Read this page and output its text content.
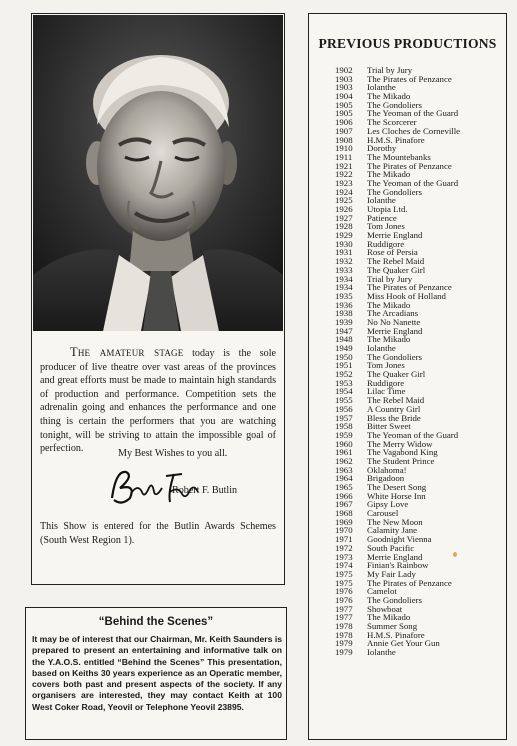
The amateur stage today is the sole producer of live theatre over vast areas of the provinces and great efforts must be made to maintain high standards of production and performance. Competition sets the adrenalin going and enhances the performance and one thing is certain the performers that you are watching tonight, will be striving to attain the impossible goal of perfection.	My Best Wishes to you all.
Robert F. Butlin
This Show is entered for the Butlin Awards Schemes (South West Region 1).
“Behind the Scenes”
It may be of interest that our Chairman, Mr. Keith Saunders is prepared to present an entertaining and informative talk on the Y.A.O.S. entitled “Behind the Scenes” This presentation, based on Keiths 30 years experience as an Operatic member, covers both past and present aspects of the society. If any organisers are interested, they may contact Keith at 100 West Coker Road, Yeovil or Telephone Yeovil 23895.
PREVIOUS PRODUCTIONS
1902 Trial by Jury
1903 The Pirates of Penzance
1903 Iolanthe
1904 The Mikado
1905 The Gondoliers
1905 The Yeoman of the Guard
1906 The Scorcerer
1907 Les Cloches de Corneville
1908 H.M.S. Pinafore
1910 Dorothy
1911 The Mountebanks
1921 The Pirates of Penzance
1922 The Mikado
1923 The Yeoman of the Guard
1924 The Gondoliers
1925 Iolanthe
1926 Utopia Ltd.
1927 Patience
1928 Tom Jones
1929 Merrie England
1930 Ruddigore
1931 Rose of Persia
1932 The Rebel Maid
1933 The Quaker Girl
1934 Trial by Jury
1934 The Pirates of Penzance
1935 Miss Hook of Holland
1936 The Mikado
1938 The Arcadians
1939 No No Nanette
1947 Merrie England
1948 The Mikado
1949 Iolanthe
1950 The Gondoliers
1951 Tom Jones
1952 The Quaker Girl
1953 Ruddigore
1954 Lilac Time
1955 The Rebel Maid
1956 A Country Girl
1957 Bless the Bride
1958 Bitter Sweet
1959 The Yeoman of the Guard
1960 The Merry Widow
1961 The Vagabond King
1962 The Student Prince
1963 Oklahoma!
1964 Brigadoon
1965 The Desert Song
1966 White Horse Inn
1967 Gipsy Love
1968 Carousel
1969 The New Moon
1970 Calamity Jane
1971 Goodnight Vienna
1972 South Pacific
1973 Merrie England
1974 Finian's Rainbow
1975 My Fair Lady
1975 The Pirates of Penzance
1976 Camelot
1976 The Gondoliers
1977 Showboat
1977 The Mikado
1978 Summer Song
1978 H.M.S. Pinafore
1979 Annie Get Your Gun
1979 Iolanthe
